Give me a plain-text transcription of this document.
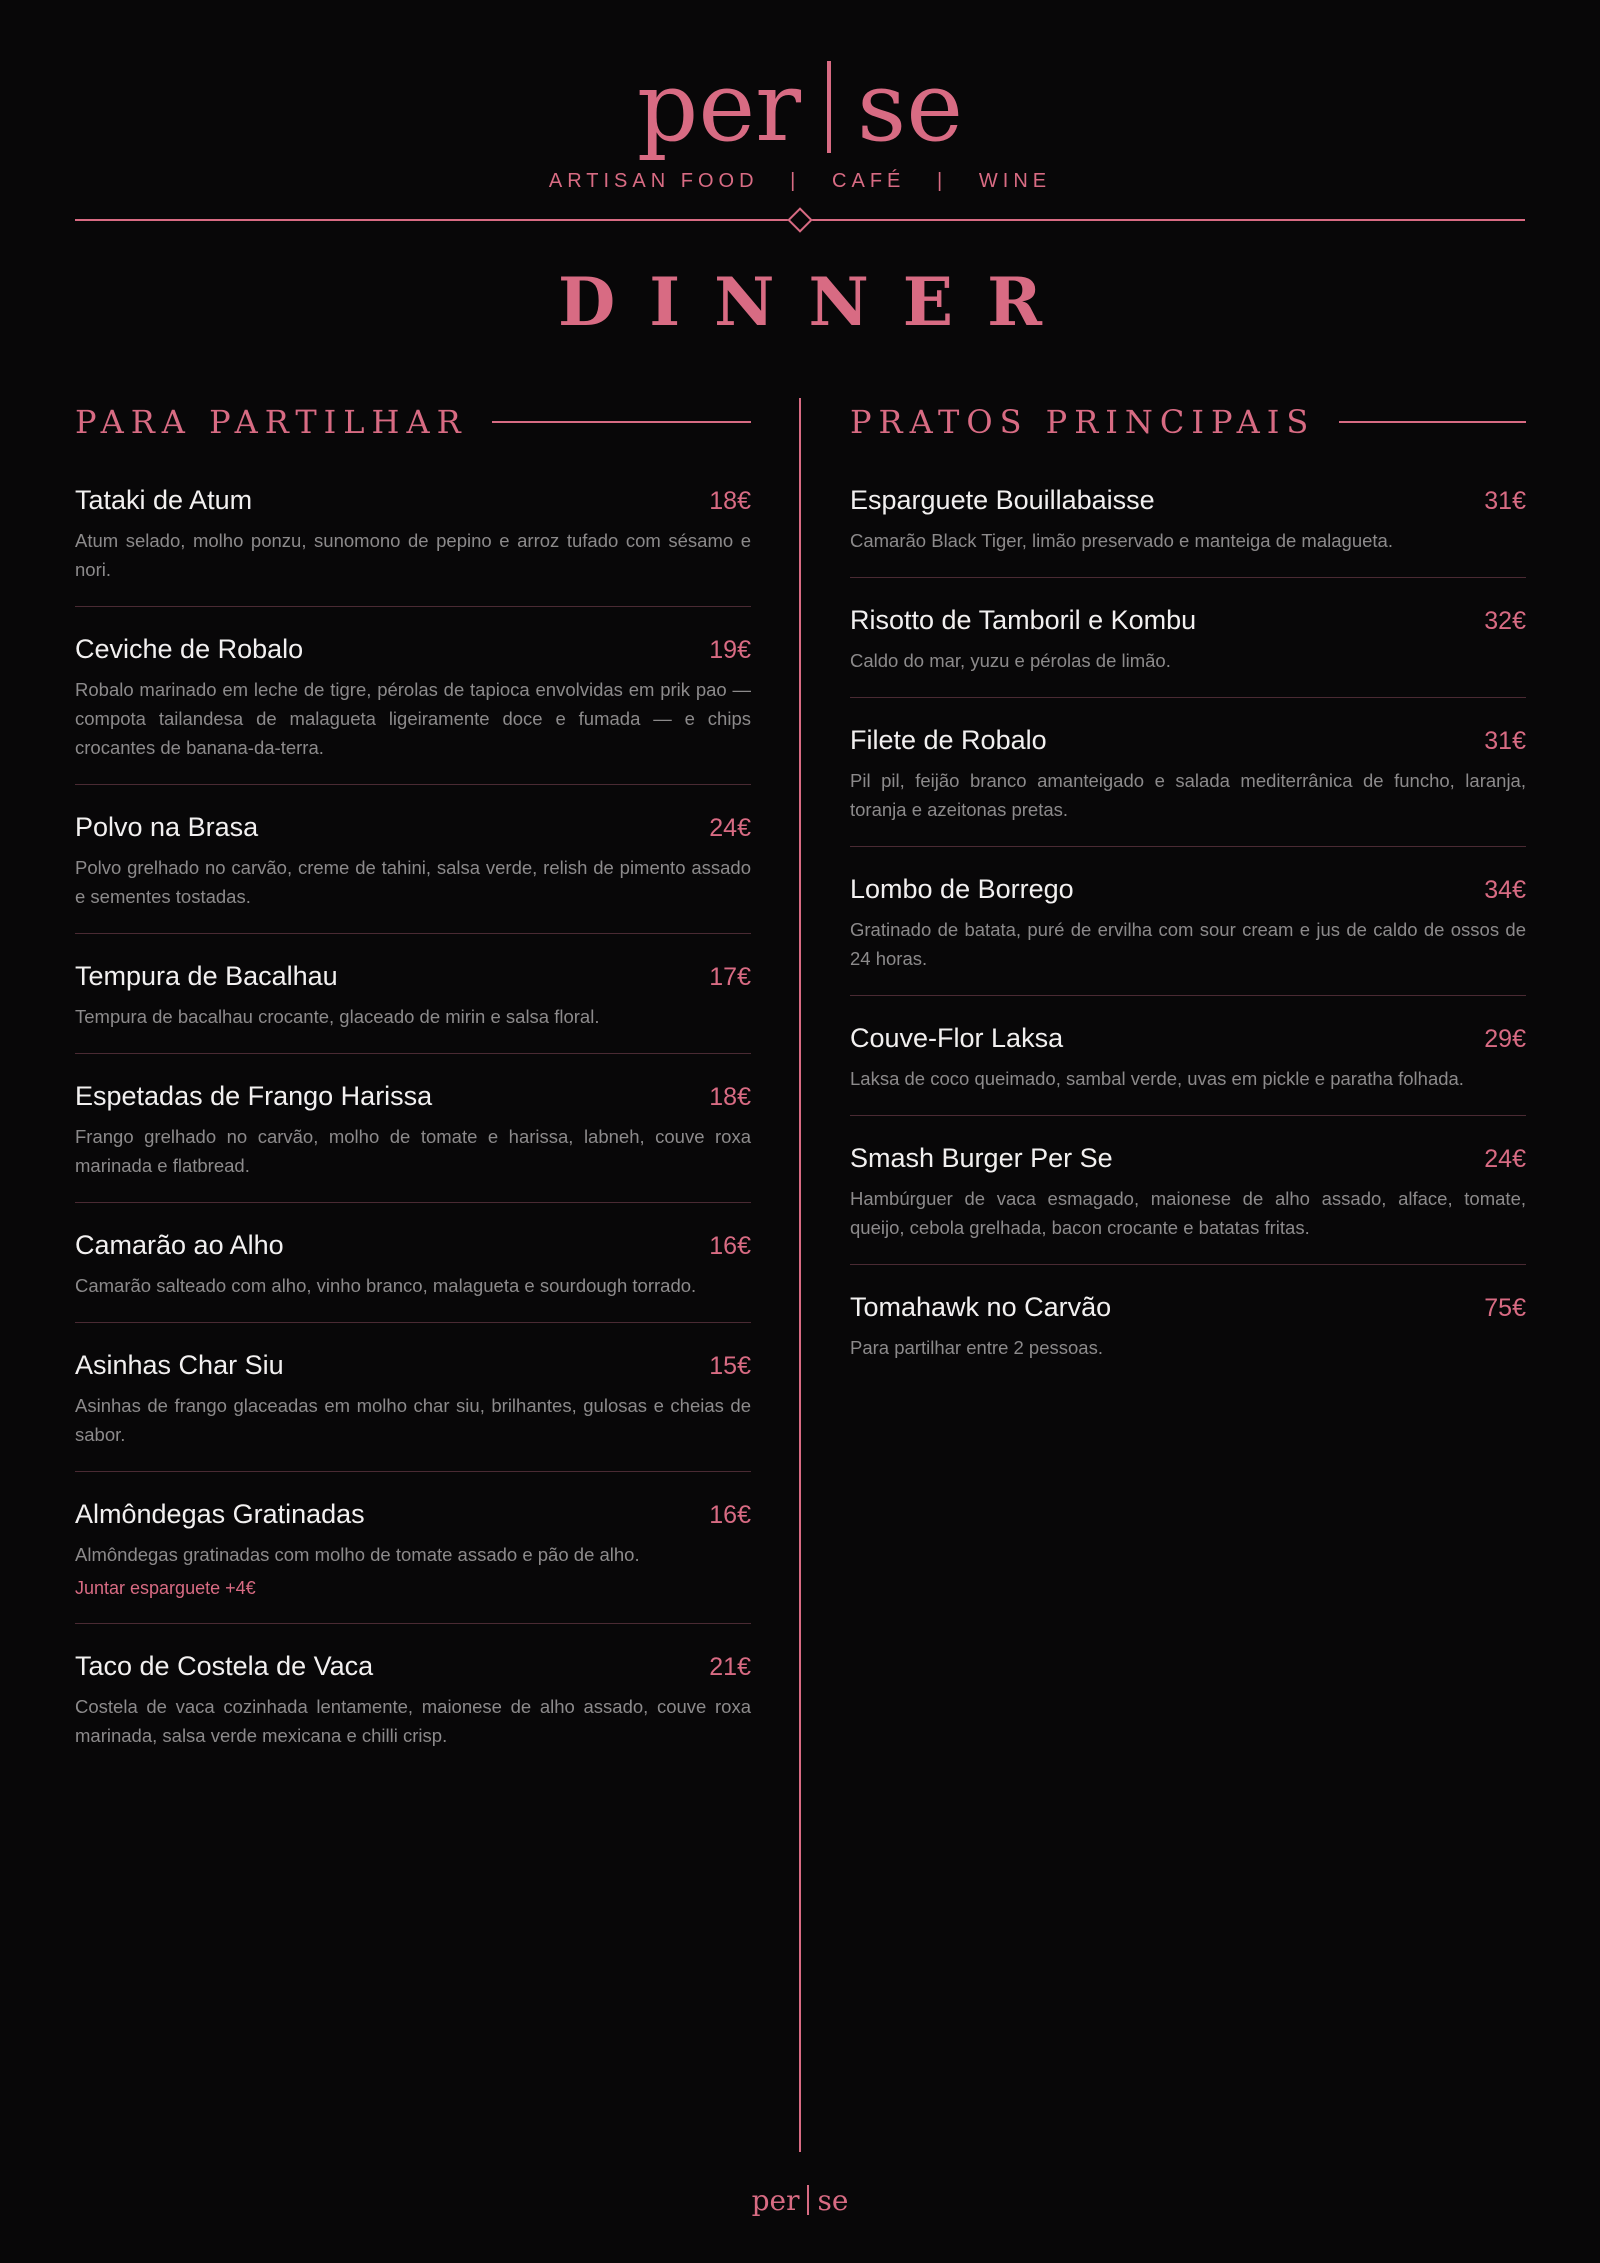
per se
ARTISAN FOOD   |   CAFÉ   |   WINE
DINNER
PARA PARTILHAR
Tataki de Atum	18€
Atum selado, molho ponzu, sunomono de pepino e arroz tufado com sésamo e nori.
Ceviche de Robalo	19€
Robalo marinado em leche de tigre, pérolas de tapioca envolvidas em prik pao — compota tailandesa de malagueta ligeiramente doce e fumada — e chips crocantes de banana-da-terra.
Polvo na Brasa	24€
Polvo grelhado no carvão, creme de tahini, salsa verde, relish de pimento assado e sementes tostadas.
Tempura de Bacalhau	17€
Tempura de bacalhau crocante, glaceado de mirin e salsa floral.
Espetadas de Frango Harissa	18€
Frango grelhado no carvão, molho de tomate e harissa, labneh, couve roxa marinada e flatbread.
Camarão ao Alho	16€
Camarão salteado com alho, vinho branco, malagueta e sourdough torrado.
Asinhas Char Siu	15€
Asinhas de frango glaceadas em molho char siu, brilhantes, gulosas e cheias de sabor.
Almôndegas Gratinadas	16€
Almôndegas gratinadas com molho de tomate assado e pão de alho.
Juntar esparguete +4€
Taco de Costela de Vaca	21€
Costela de vaca cozinhada lentamente, maionese de alho assado, couve roxa marinada, salsa verde mexicana e chilli crisp.
PRATOS PRINCIPAIS
Esparguete Bouillabaisse	31€
Camarão Black Tiger, limão preservado e manteiga de malagueta.
Risotto de Tamboril e Kombu	32€
Caldo do mar, yuzu e pérolas de limão.
Filete de Robalo	31€
Pil pil, feijão branco amanteigado e salada mediterrânica de funcho, laranja, toranja e azeitonas pretas.
Lombo de Borrego	34€
Gratinado de batata, puré de ervilha com sour cream e jus de caldo de ossos de 24 horas.
Couve-Flor Laksa	29€
Laksa de coco queimado, sambal verde, uvas em pickle e paratha folhada.
Smash Burger Per Se	24€
Hambúrguer de vaca esmagado, maionese de alho assado, alface, tomate, queijo, cebola grelhada, bacon crocante e batatas fritas.
Tomahawk no Carvão	75€
Para partilhar entre 2 pessoas.
per se
